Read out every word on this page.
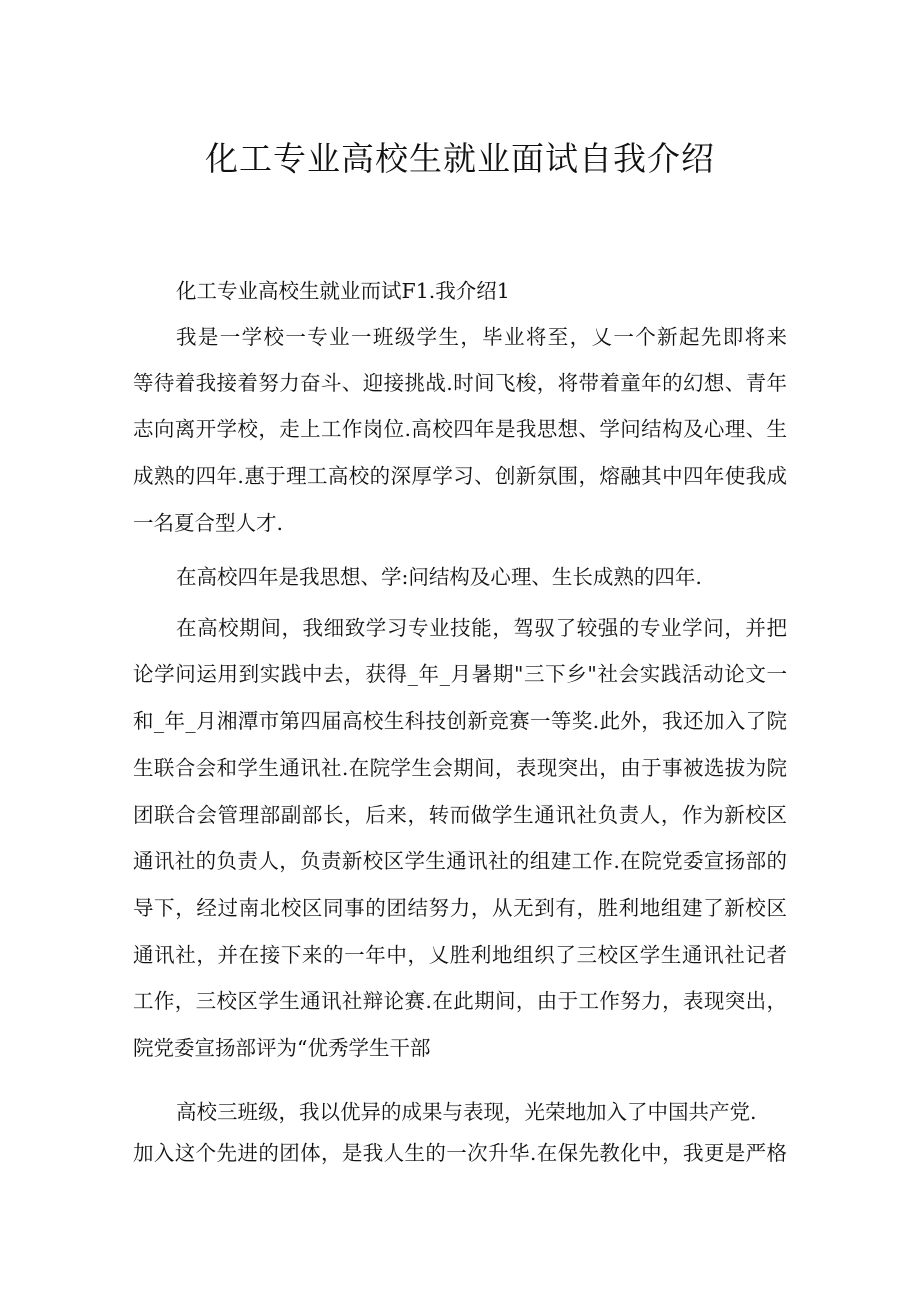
化工专业高校生就业面试自我介绍
化工专业高校生就业而试F1.我介绍1
我是一学校一专业一班级学生，毕业将至，乂一个新起先即将来
等待着我接着努力奋斗、迎接挑战.时间飞梭，将带着童年的幻想、青年
志向离开学校，走上工作岗位.高校四年是我思想、学问结构及心理、生
成熟的四年.惠于理工高校的深厚学习、创新氛围，熔融其中四年使我成
一名夏合型人才.
在高校四年是我思想、学:问结构及心理、生长成熟的四年.
在高校期间，我细致学习专业技能，驾驭了较强的专业学问，并把
论学问运用到实践中去，获得_年_月暑期"三下乡"社会实践活动论文一
和_年_月湘潭市第四届高校生科技创新竞赛一等奖.此外，我还加入了院
生联合会和学生通讯社.在院学生会期间，表现突出，由于事被选拔为院
团联合会管理部副部长，后来，转而做学生通讯社负责人，作为新校区
通讯社的负责人，负责新校区学生通讯社的组建工作.在院党委宣扬部的
导下，经过南北校区同事的团结努力，从无到有，胜利地组建了新校区
通讯社，并在接下来的一年中，乂胜利地组织了三校区学生通讯社记者
工作，三校区学生通讯社辩论赛.在此期间，由于工作努力，表现突出，
院党委宣扬部评为“优秀学生干部
高校三班级，我以优异的成果与表现，光荣地加入了中国共产党.
加入这个先进的团体，是我人生的一次升华.在保先教化中，我更是严格
